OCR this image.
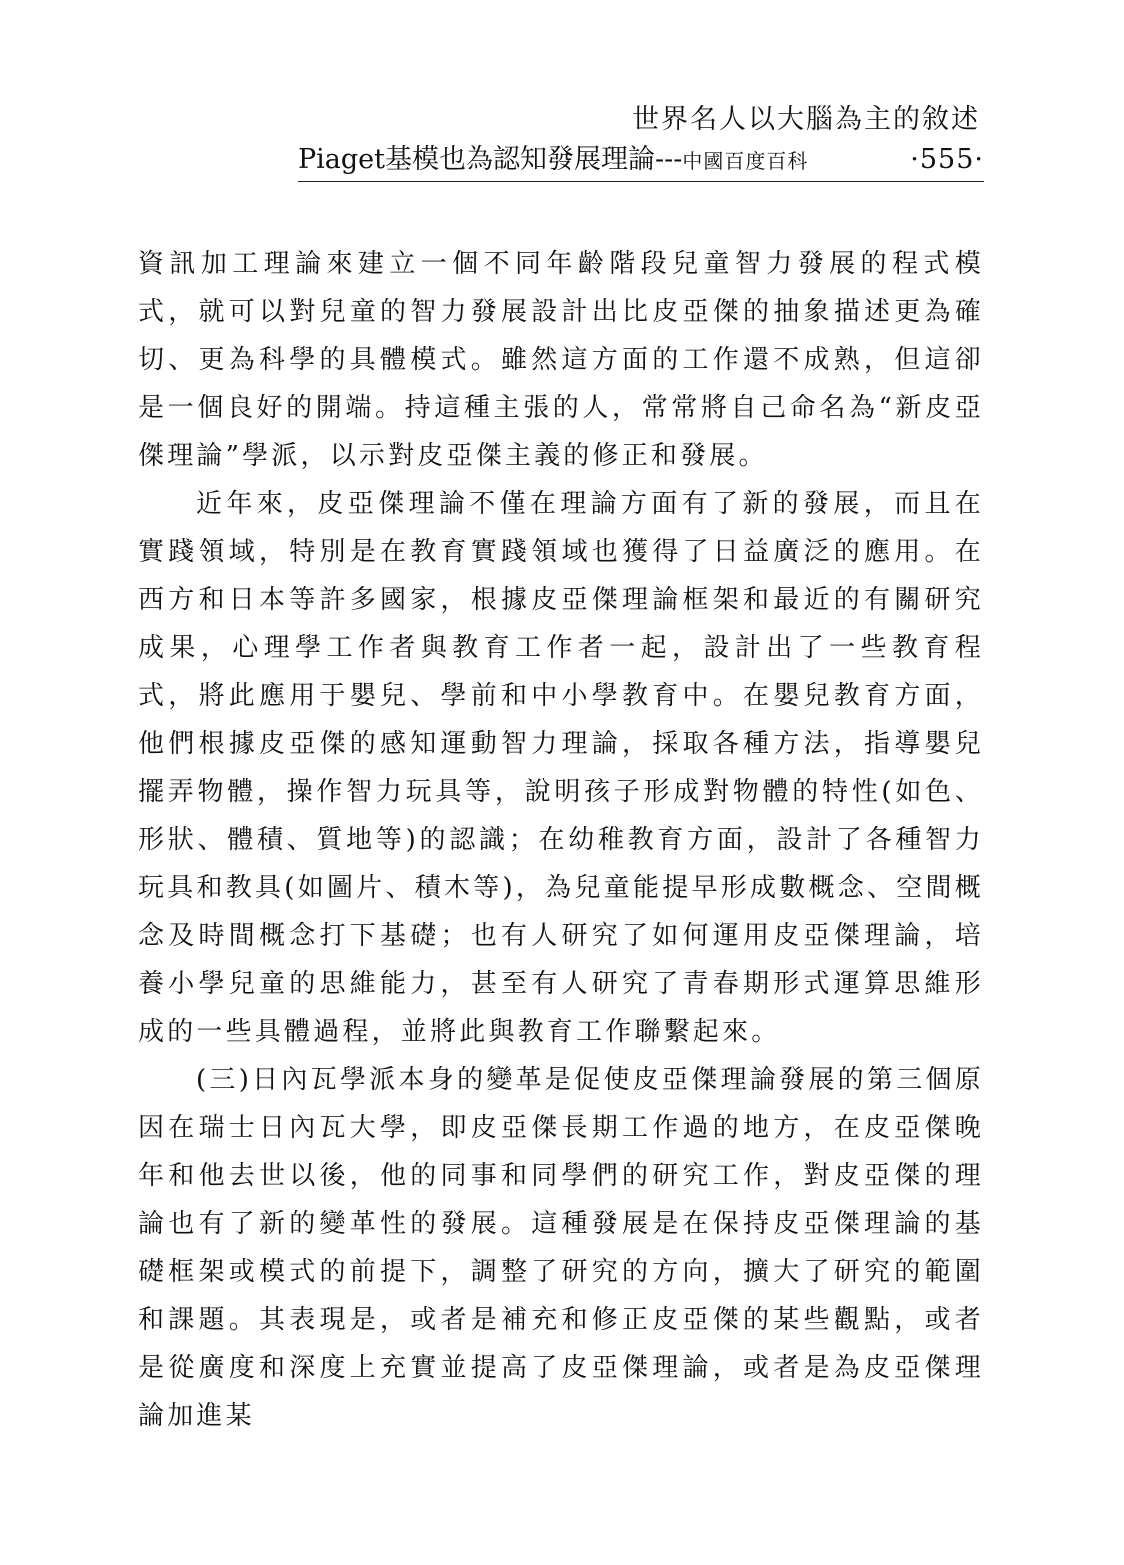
世界名人以大腦為主的敘述
Piaget基模也為認知發展理論---中國百度百科	·555·

資訊加工理論來建立一個不同年齡階段兒童智力發展的程式模式，就可以對兒童的智力發展設計出比皮亞傑的抽象描述更為確切、更為科學的具體模式。雖然這方面的工作還不成熟，但這卻是一個良好的開端。持這種主張的人，常常將自己命名為“新皮亞傑理論”學派，以示對皮亞傑主義的修正和發展。

近年來，皮亞傑理論不僅在理論方面有了新的發展，而且在實踐領域，特別是在教育實踐領域也獲得了日益廣泛的應用。在西方和日本等許多國家，根據皮亞傑理論框架和最近的有關研究成果，心理學工作者與教育工作者一起，設計出了一些教育程式，將此應用于嬰兒、學前和中小學教育中。在嬰兒教育方面，他們根據皮亞傑的感知運動智力理論，採取各種方法，指導嬰兒擺弄物體，操作智力玩具等，說明孩子形成對物體的特性(如色、形狀、體積、質地等)的認識；在幼稚教育方面，設計了各種智力玩具和教具(如圖片、積木等)，為兒童能提早形成數概念、空間概念及時間概念打下基礎；也有人研究了如何運用皮亞傑理論，培養小學兒童的思維能力，甚至有人研究了青春期形式運算思維形成的一些具體過程，並將此與教育工作聯繫起來。

(三)日內瓦學派本身的變革是促使皮亞傑理論發展的第三個原因在瑞士日內瓦大學，即皮亞傑長期工作過的地方，在皮亞傑晚年和他去世以後，他的同事和同學們的研究工作，對皮亞傑的理論也有了新的變革性的發展。這種發展是在保持皮亞傑理論的基礎框架或模式的前提下，調整了研究的方向，擴大了研究的範圍和課題。其表現是，或者是補充和修正皮亞傑的某些觀點，或者是從廣度和深度上充實並提高了皮亞傑理論，或者是為皮亞傑理論加進某
